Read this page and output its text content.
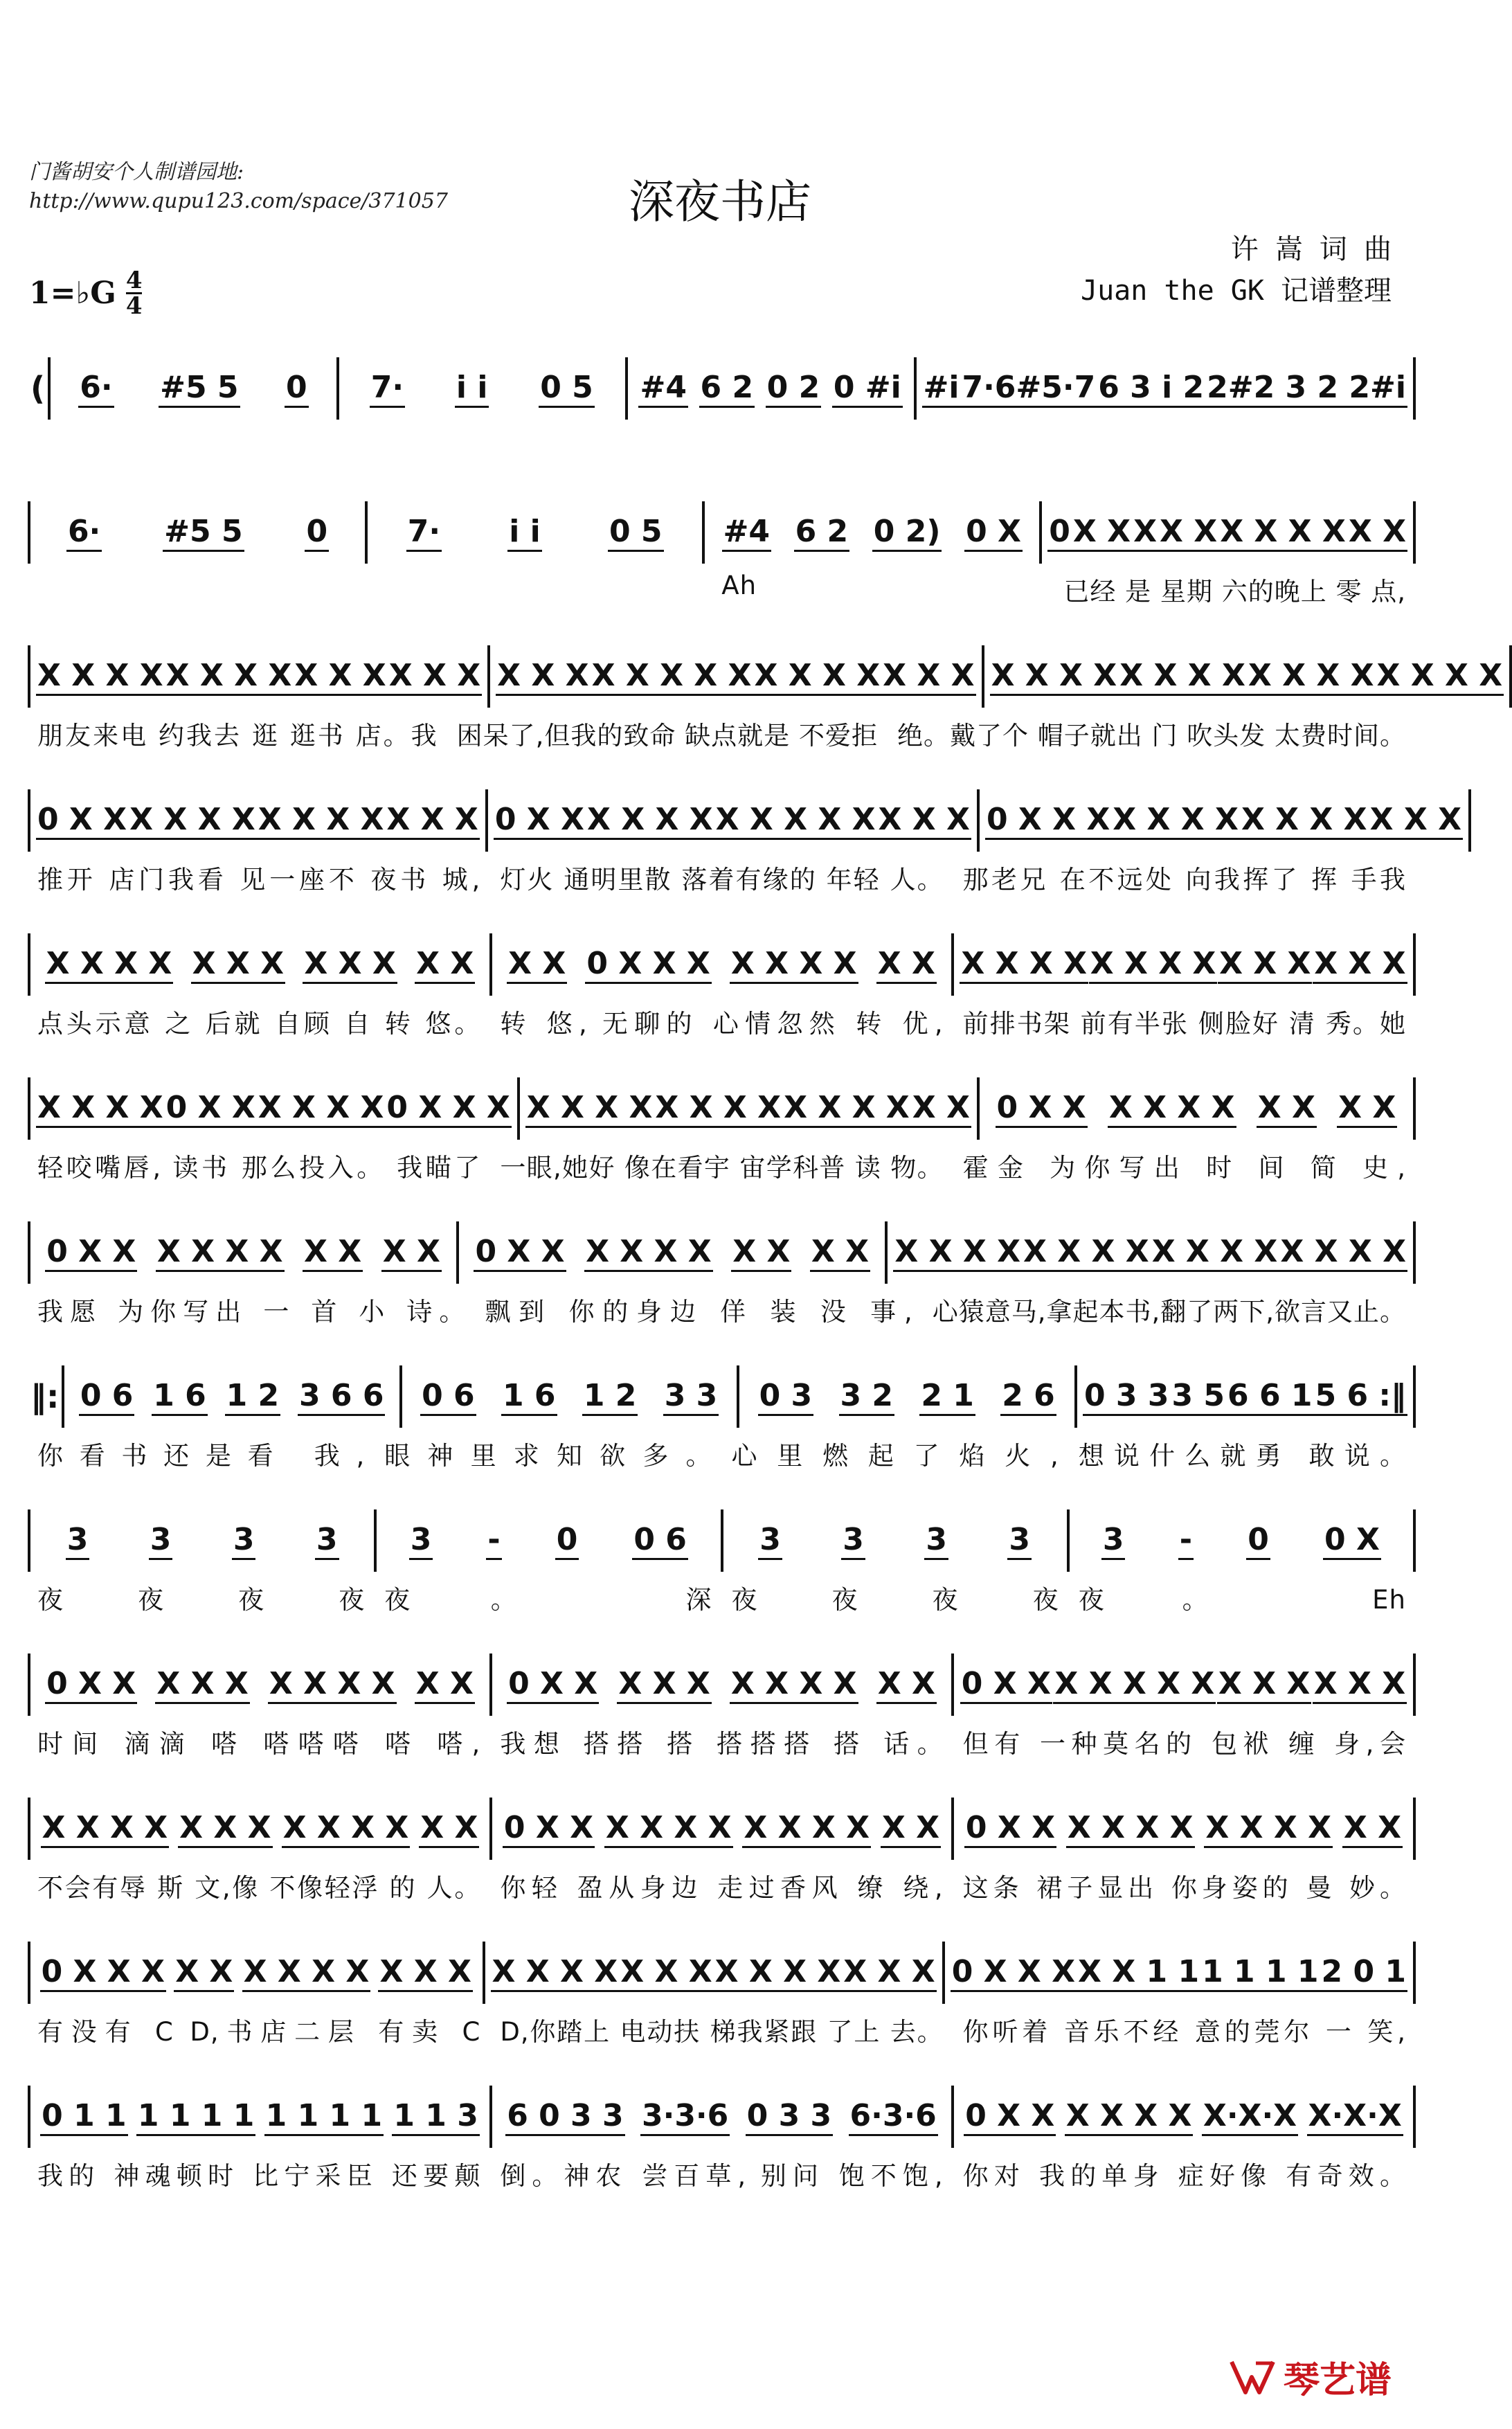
门酱胡安个人制谱园地:
http://www.qupu123.com/space/371057	深夜书店
许 嵩 词 曲
Juan the GK 记谱整理
1=♭G $\frac{4}{4}$
( 6· #5 5 0 7· i i 0 5 #4 6 2 0 2 0 #i #i 7·6#5·7 6 3 i 2 2#2 3 2 2#i
6· #5 5 0	7· i i 0 5 #4 6 2 0 2) 0 X 0 X X X X X X X X X X X
Ah	已经 是 星期 六的晚上 零 点,
X X X X X X X X X X X X X X X X X X X X X X X X X X X X X X X X X X X X X X X X X X X X X
朋友来电 约我去 逛 逛书 店。我 困呆了,但我的致命 缺点就是 不爱拒 绝。戴了个 帽子就出 门 吹头发 太费时间。
0 X X X X X X X X X X X X X 0 X X X X X X X X X X X X X X 0 X X X X X X X X X X X X X X
推开 店门我看 见一座不 夜书 城, 灯火 通明里散 落着有缘的 年轻 人。 那老兄 在不远处 向我挥了 挥 手我
X X X X X X X X X X X X X X 0 X X X X X X X X X X X X X X X X X X X X X X X
点头示意 之 后就 自顾 自 转 悠。 转 悠, 无聊的 心情忽然 转 优, 前排书架 前有半张 侧脸好 清 秀。她
X X X X 0 X X X X X X 0 X X X X X X X X X X X X X X X X X 0 X X X X X X X X X X
轻咬嘴唇, 读书 那么投入。 我瞄了 一眼,她好 像在看宇 宙学科普 读 物。 霍金 为你写出 时 间 简 史,
0 X X X X X X X X X X 0 X X X X X X X X X X X X X X X X X X X X X X X X X X
我愿 为你写出 一 首 小 诗。 飘到 你的身边 佯 装 没 事, 心猿意马,拿起本书,翻了两下,欲言又止。
‖: 0 6 1 6 1 2 3 6 6 0 6 1 6 1 2 3 3 0 3 3 2 2 1 2 6 0 3 3 3 5 6 6 1 5 6 :‖
你看书还是看 我, 眼神里求知欲多。 心里燃起了焰火, 想说什么就勇 敢说。
3 3 3 3 3 - 0 0 6 3 3 3 3 3 - 0 0 X
夜 夜 夜 夜 夜。 深 夜 夜 夜 夜 夜。 Eh
0 X X X X X X X X X X X 0 X X X X X X X X X X X 0 X X X X X X X X X X X X X
时间 滴滴 嗒 嗒嗒嗒 嗒 嗒, 我想 搭搭 搭 搭搭搭 搭 话。 但有 一种莫名的 包袱 缠 身,会
X X X X X X X X X X X X X 0 X X X X X X X X X X X X 0 X X X X X X X X X X X X
不会有辱 斯 文,像 不像轻浮 的 人。 你轻 盈从身边 走过香风 缭 绕, 这条 裙子显出 你身姿的 曼 妙。
0 X X X X X X X X X X X X X X X X X X X X X X X X X X 0 X X X X X 1 1 1 1 1 1 2 0 1
有没有 C D,书店二层 有卖 C D,你踏上 电动扶 梯我紧跟 了上 去。 你听着 音乐不经 意的莞尔 一 笑,
0 1 1 1 1 1 1 1 1 1 1 1 1 3 6 0 3 3 3·3·6 0 3 3 6·3·6 0 X X X X X X X·X·X X·X·X
我的 神魂顿时 比宁采臣 还要颠 倒。神农 尝百草, 别问 饱不饱, 你对 我的单身 症好像 有奇效。
琴艺谱
